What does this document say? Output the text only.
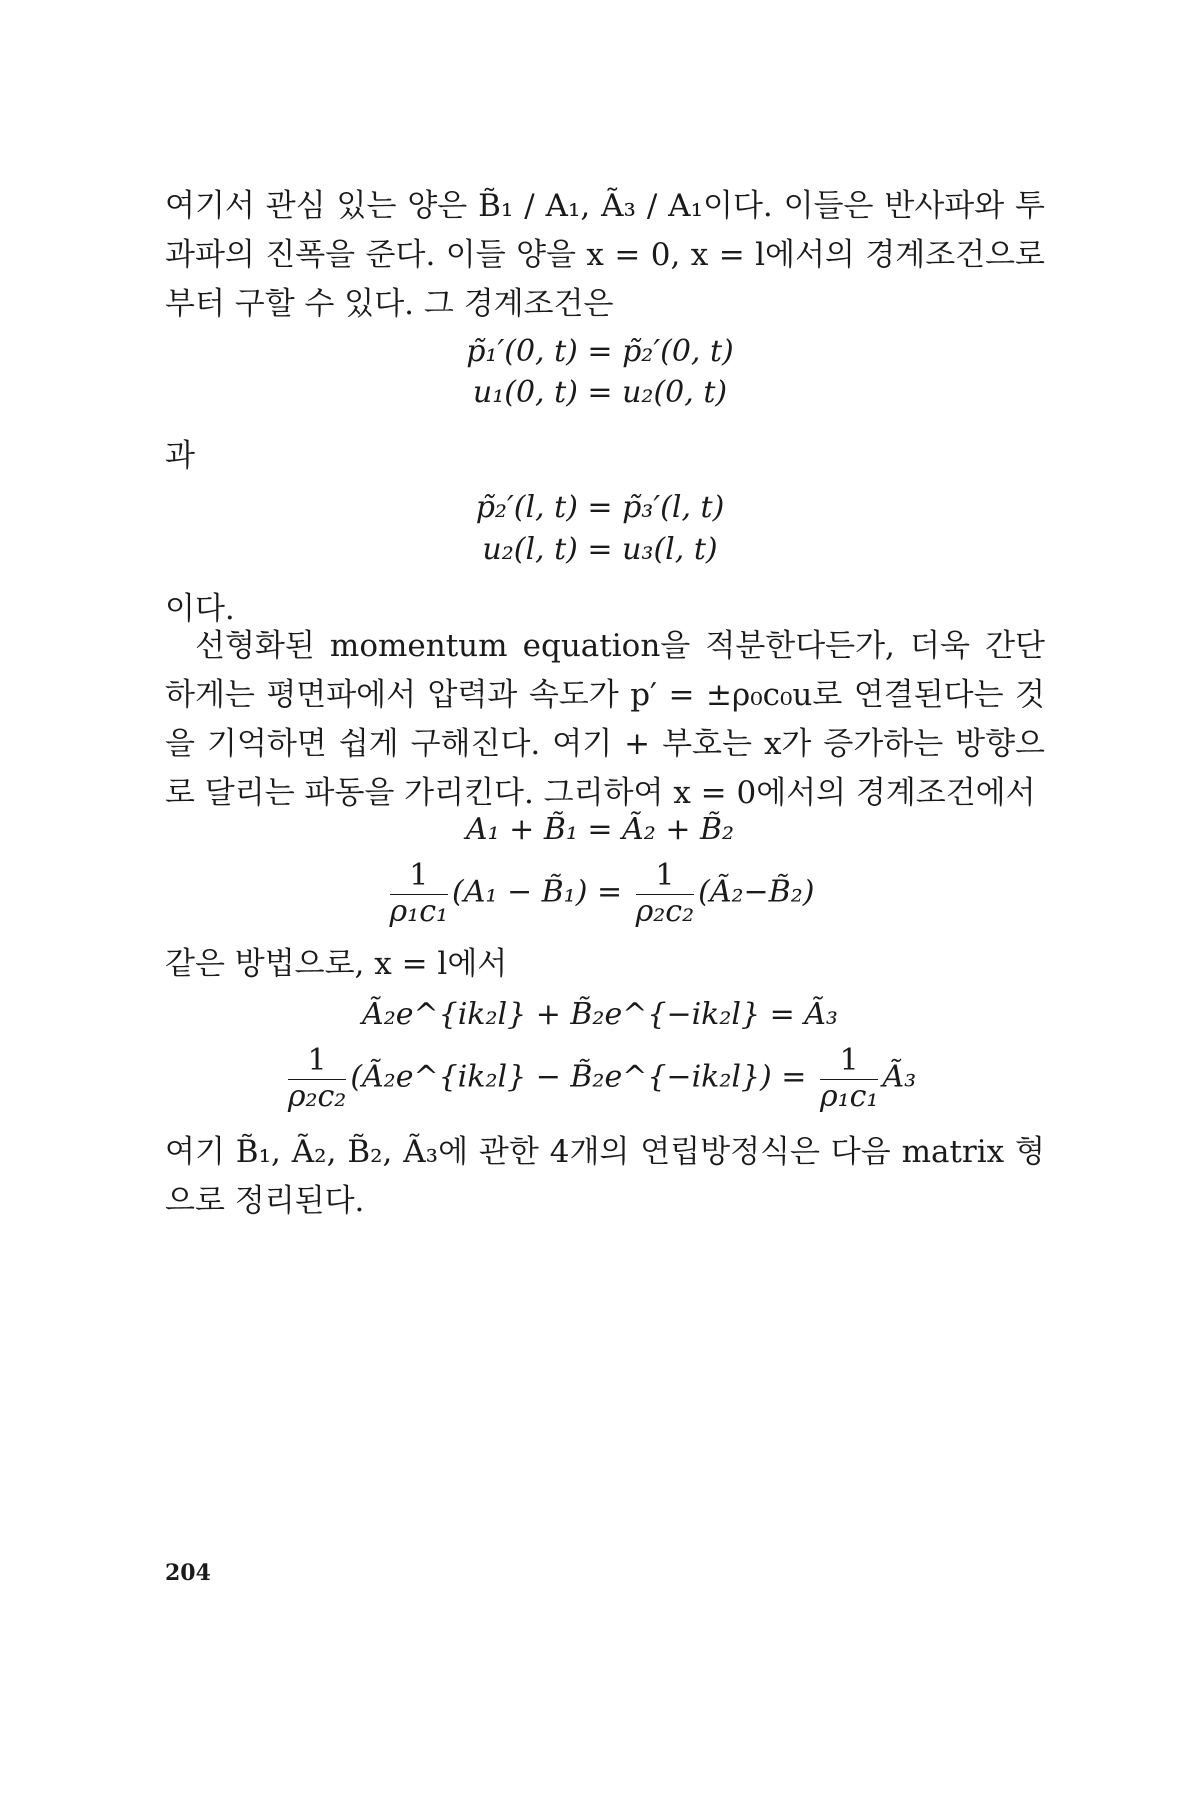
여기서 관심 있는 양은 B̃₁ / A₁, Ã₃ / A₁이다. 이들은 반사파와 투과파의 진폭을 준다. 이들 양을 x = 0, x = l에서의 경계조건으로부터 구할 수 있다. 그 경계조건은

p̃₁′(0, t) = p̃₂′(0, t)
u₁(0, t) = u₂(0, t)

과

p̃₂′(l, t) = p̃₃′(l, t)
u₂(l, t) = u₃(l, t)

이다.

선형화된 momentum equation을 적분한다든가, 더욱 간단하게는 평면파에서 압력과 속도가 p′ = ±ρ₀c₀u로 연결된다는 것을 기억하면 쉽게 구해진다. 여기 + 부호는 x가 증가하는 방향으로 달리는 파동을 가리킨다. 그리하여 x = 0에서의 경계조건에서

A₁ + B̃₁ = Ã₂ + B̃₂
$\frac{1}{\text{ρ₁c₁}} (A_1$ − B̃₁) = $\frac{1}{\text{ρ₂c₂}}$ (Ã₂−B̃₂)

같은 방법으로, x = l에서

Ã₂e^{ik₂l} + B̃₂e^{−ik₂l} = Ã₃
$\frac{1}{\text{ρ₂c₂}}$ (Ã₂e^{ik₂l} − B̃₂e^{−ik₂l}) = $\frac{1}{\text{ρ₁c₁}}$ Ã₃

여기 B̃₁, Ã₂, B̃₂, Ã₃에 관한 4개의 연립방정식은 다음 matrix 형으로 정리된다.

204
